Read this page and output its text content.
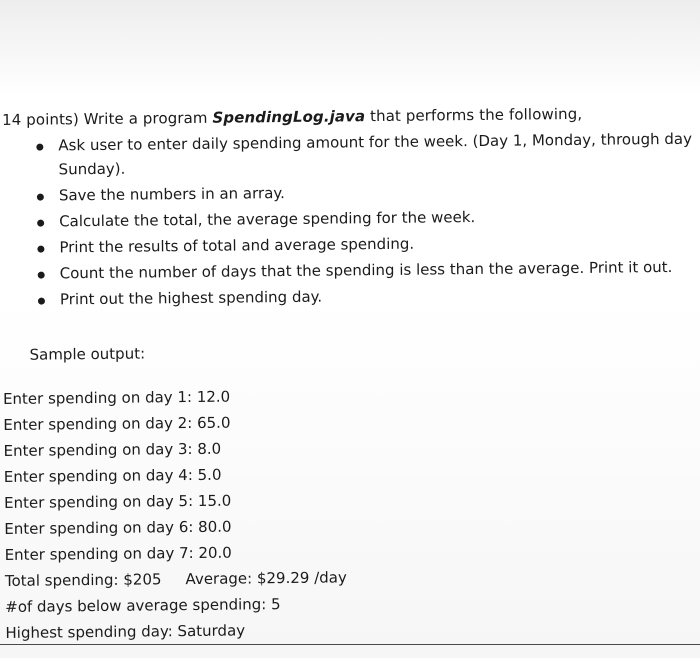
14 points) Write a program SpendingLog.java that performs the following,
Ask user to enter daily spending amount for the week. (Day 1, Monday, through day
Sunday).
Save the numbers in an array.
Calculate the total, the average spending for the week.
Print the results of total and average spending.
Count the number of days that the spending is less than the average. Print it out.
Print out the highest spending day.
Sample output:
Enter spending on day 1: 12.0
Enter spending on day 2: 65.0
Enter spending on day 3: 8.0
Enter spending on day 4: 5.0
Enter spending on day 5: 15.0
Enter spending on day 6: 80.0
Enter spending on day 7: 20.0
Total spending: $205 Average: $29.29 /day
#of days below average spending: 5
Highest spending day: Saturday
